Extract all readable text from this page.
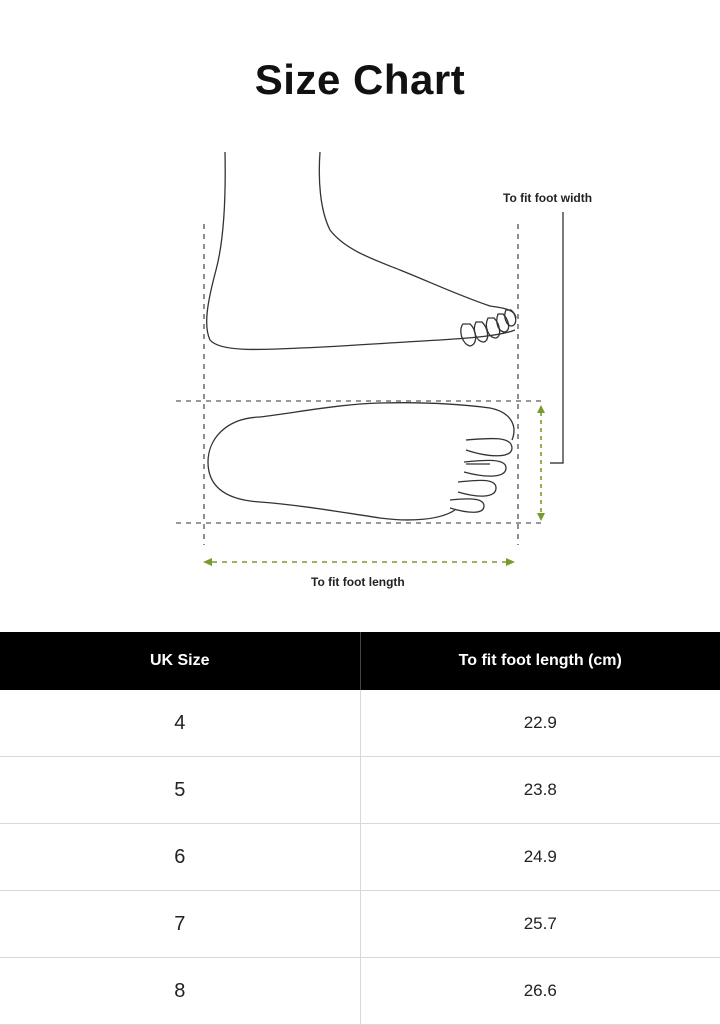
Size Chart
To fit foot width
To fit foot length
UK Size	To fit foot length (cm)
4	22.9
5	23.8
6	24.9
7	25.7
8	26.6
